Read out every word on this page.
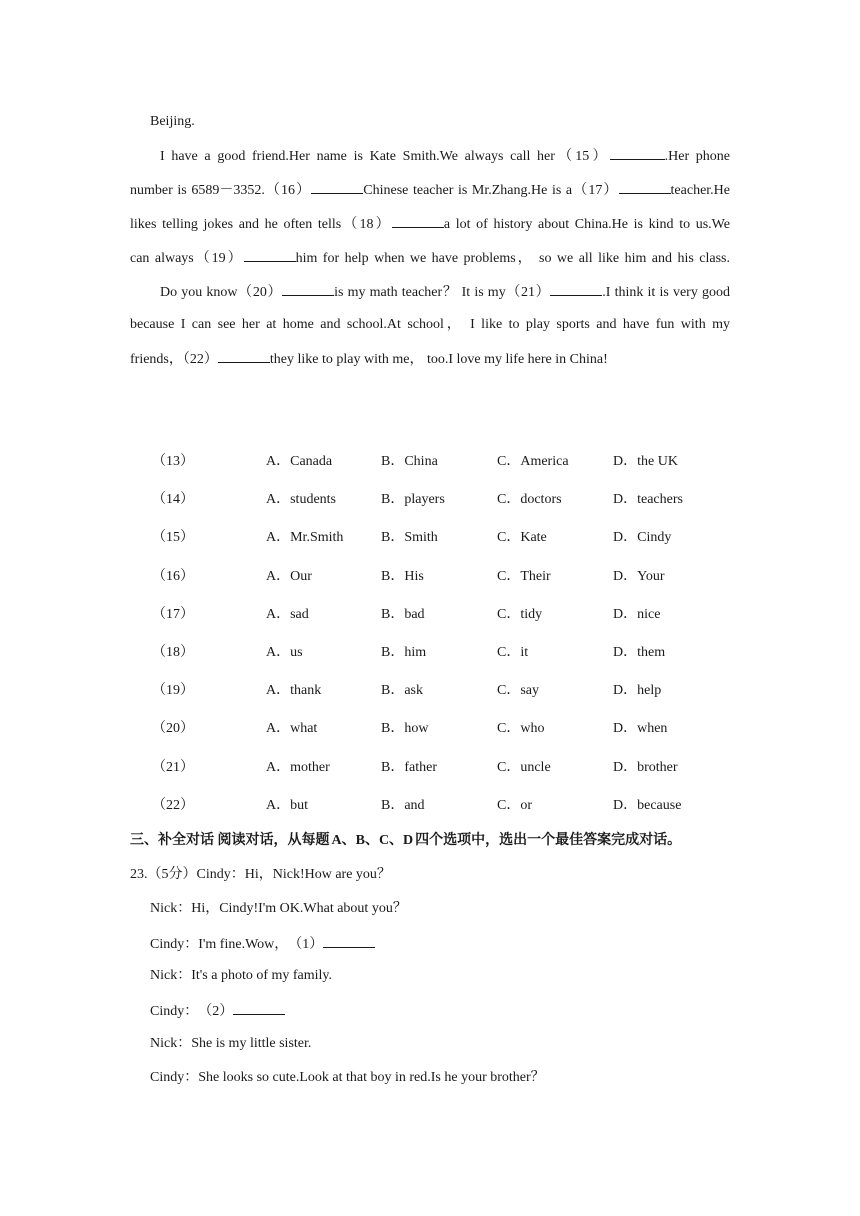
Beijing.
I have a good friend.Her name is Kate Smith.We always call her（15）	.Her phone
number is 6589－3352.（16）	Chinese teacher is Mr.Zhang.He is a（17）	teacher.He
likes telling jokes and he often tells（18）	a lot of history about China.He is kind to us.We
can always（19）	him for help when we have problems， so we all like him and his class.
Do you know（20）	is my math teacher？ It is my（21）	.I think it is very good
because I can see her at home and school.At school， I like to play sports and have fun with my
friends，（22）	they like to play with me， too.I love my life here in China!
（13）	A．Canada	B．China	C．America	D．the UK
（14）	A．students	B．players	C．doctors	D．teachers
（15）	A．Mr.Smith	B．Smith	C．Kate	D．Cindy
（16）	A．Our	B．His	C．Their	D．Your
（17）	A．sad	B．bad	C．tidy	D．nice
（18）	A．us	B．him	C．it	D．them
（19）	A．thank	B．ask	C．say	D．help
（20）	A．what	B．how	C．who	D．when
（21）	A．mother	B．father	C．uncle	D．brother
（22）	A．but	B．and	C．or	D．because
三、补全对话 阅读对话，从每题 A、B、C、D 四个选项中，选出一个最佳答案完成对话。
23.（5分）Cindy：Hi，Nick!How are you？
Nick：Hi，Cindy!I'm OK.What about you？
Cindy：I'm fine.Wow，　（1）
Nick：It's a photo of my family.
Cindy：　（2）
Nick：She is my little sister.
Cindy：She looks so cute.Look at that boy in red.Is he your brother？
